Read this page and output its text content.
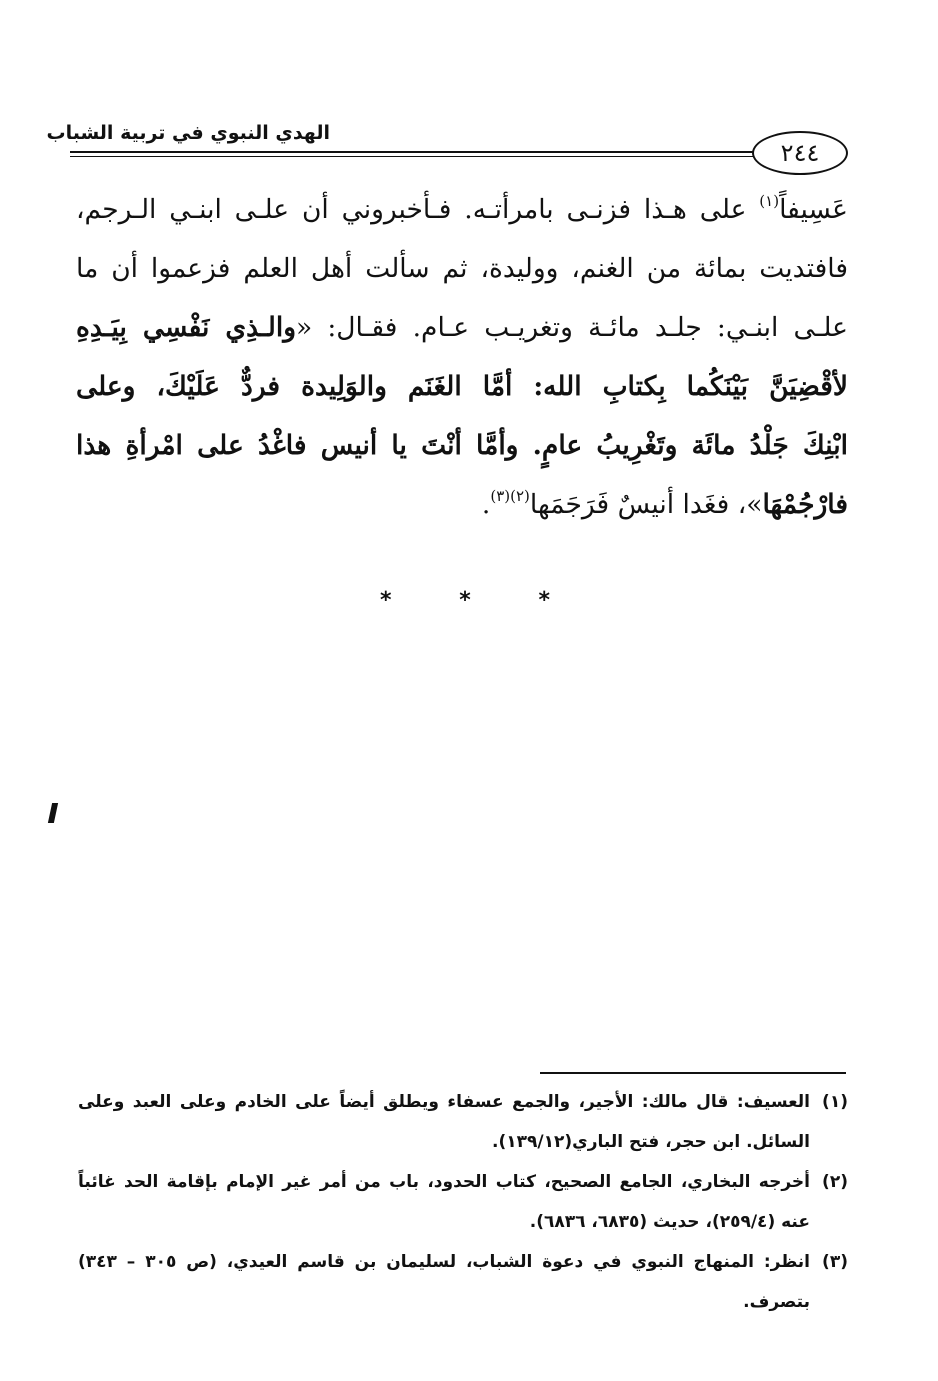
الهدي النبوي في تربية الشباب
٢٤٤
عَسِيفاً$^{(١)}$ على هـذا فزنـى بامرأتـه. فـأخبروني أن علـى ابنـي الـرجم،
فافتديت بمائة من الغنم، ووليدة، ثم سألت أهل العلم فزعموا أن ما
علـى ابنـي: جلـد مائـة وتغريـب عـام. فقـال: «والـذِي نَفْسِي بِيَـدِهِ
لأقْضِيَنَّ بَيْنَكُما بِكتابِ الله: أمَّا الغَنَم والوَلِيدة فردٌّ عَلَيْكَ، وعلى
ابْنِكَ جَلْدُ مائَة وتَغْرِيبُ عامٍ. وأمَّا أنْتَ يا أنيس فاغْدُ على امْرأةِ هذا
فارْجُمْهَا»، فغَدا أنيسٌ فَرَجَمَها$^{(٢)(٣)}$.
*	*	*
(١)
العسيف: قال مالك: الأجير، والجمع عسفاء ويطلق أيضاً على الخادم وعلى العبد وعلى السائل. ابن حجر، فتح الباري(١٣٩/١٢).
(٢)
أخرجه البخاري، الجامع الصحيح، كتاب الحدود، باب من أمر غير الإمام بإقامة الحد غائباً عنه (٢٥٩/٤)، حديث (٦٨٣٥، ٦٨٣٦).
(٣)
انظر: المنهاج النبوي في دعوة الشباب، لسليمان بن قاسم العيدي، (ص ٣٠٥ – ٣٤٣) بتصرف.
